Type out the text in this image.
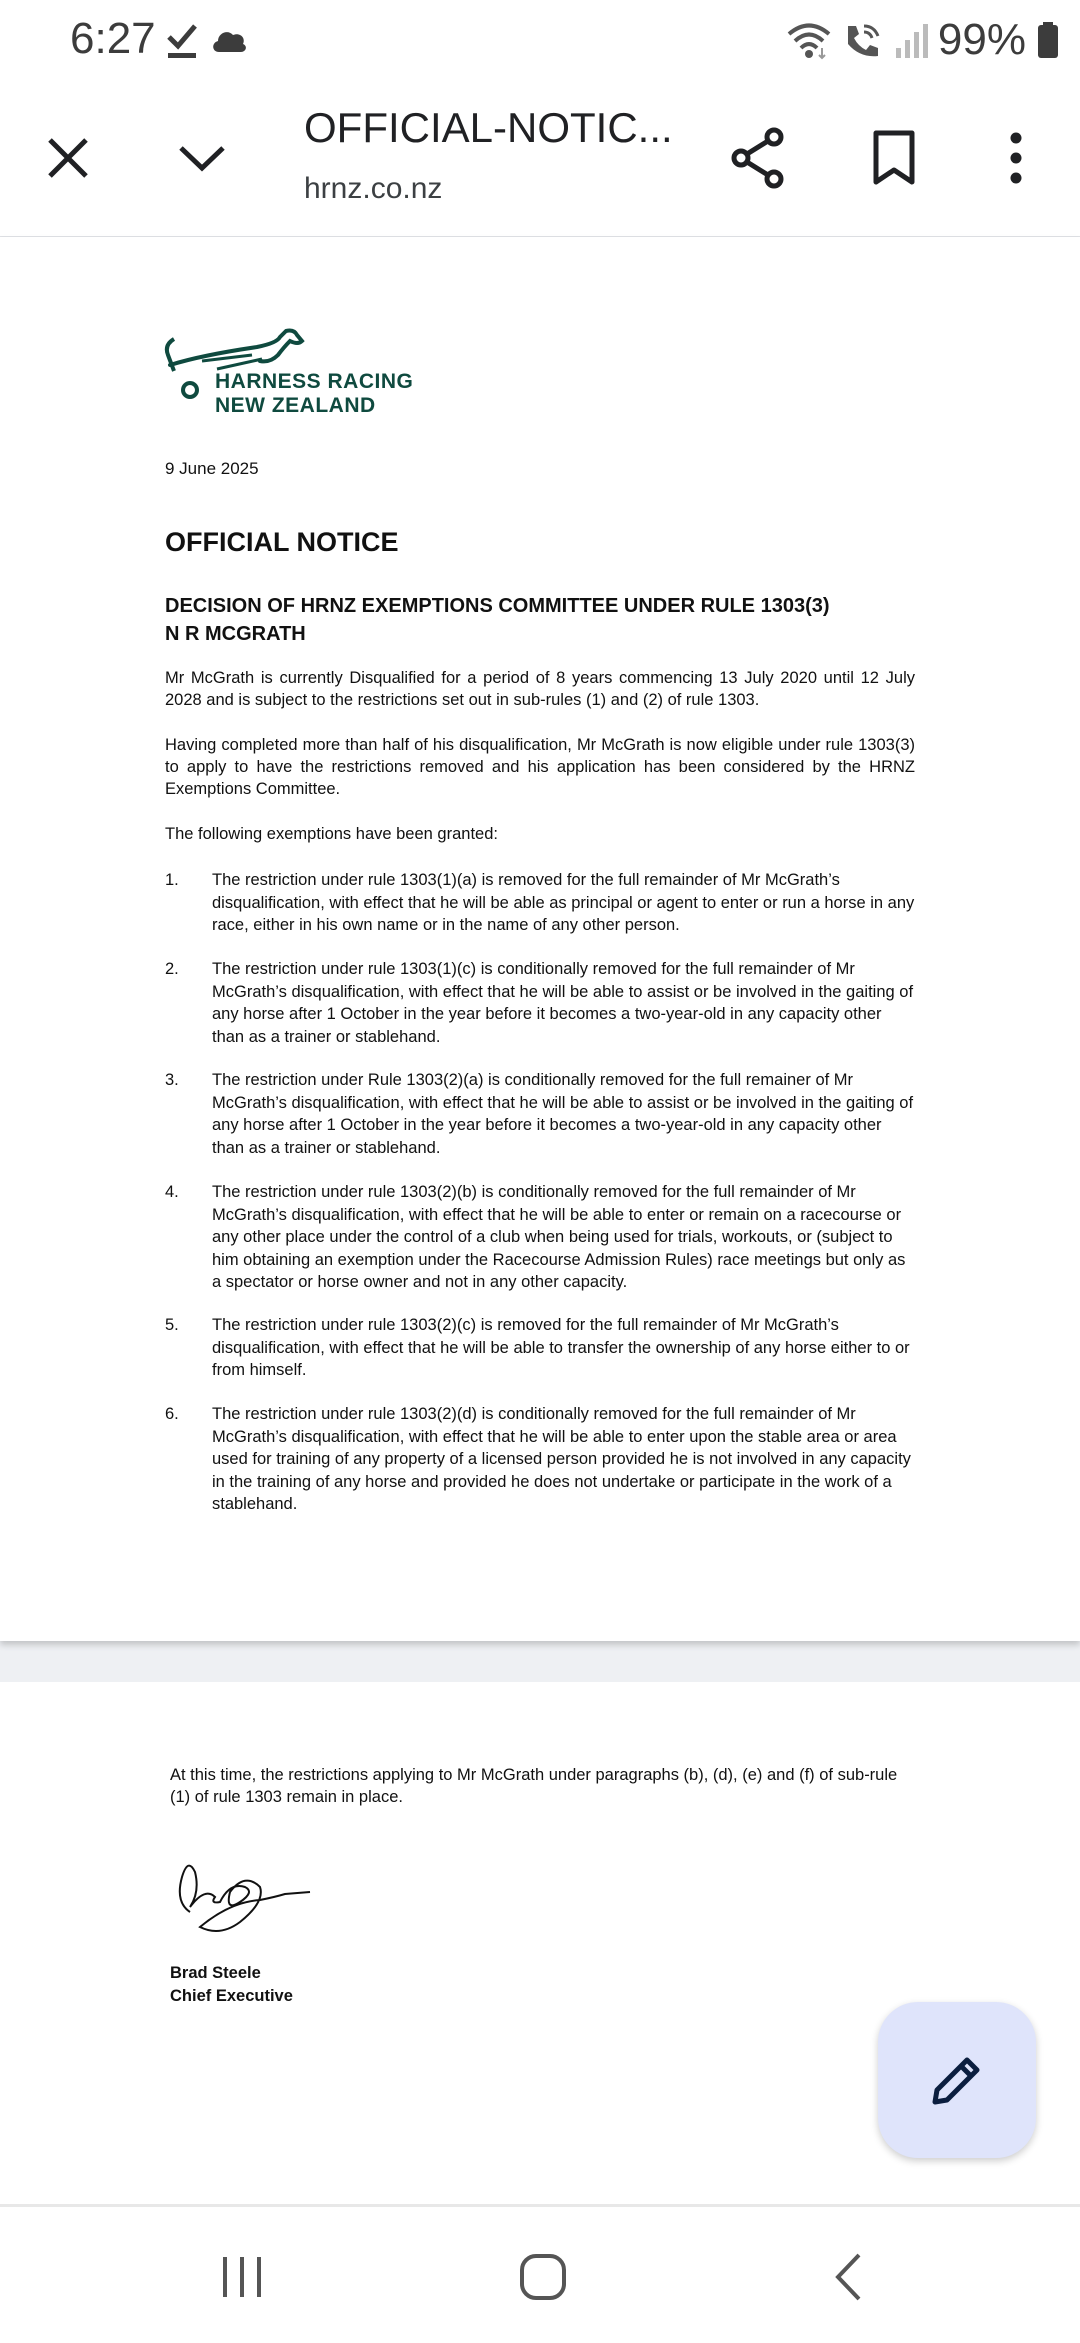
6:27	99%
OFFICIAL-NOTIC...
hrnz.co.nz
HARNESS RACING
NEW ZEALAND
9 June 2025
OFFICIAL NOTICE
DECISION OF HRNZ EXEMPTIONS COMMITTEE UNDER RULE 1303(3)
N R MCGRATH
Mr McGrath is currently Disqualified for a period of 8 years commencing 13 July 2020 until 12 July 2028 and is subject to the restrictions set out in sub-rules (1) and (2) of rule 1303.
Having completed more than half of his disqualification, Mr McGrath is now eligible under rule 1303(3) to apply to have the restrictions removed and his application has been considered by the HRNZ Exemptions Committee.
The following exemptions have been granted:
1. The restriction under rule 1303(1)(a) is removed for the full remainder of Mr McGrath’s disqualification, with effect that he will be able as principal or agent to enter or run a horse in any race, either in his own name or in the name of any other person.
2. The restriction under rule 1303(1)(c) is conditionally removed for the full remainder of Mr McGrath’s disqualification, with effect that he will be able to assist or be involved in the gaiting of any horse after 1 October in the year before it becomes a two-year-old in any capacity other than as a trainer or stablehand.
3. The restriction under Rule 1303(2)(a) is conditionally removed for the full remainer of Mr McGrath’s disqualification, with effect that he will be able to assist or be involved in the gaiting of any horse after 1 October in the year before it becomes a two-year-old in any capacity other than as a trainer or stablehand.
4. The restriction under rule 1303(2)(b) is conditionally removed for the full remainder of Mr McGrath’s disqualification, with effect that he will be able to enter or remain on a racecourse or any other place under the control of a club when being used for trials, workouts, or (subject to him obtaining an exemption under the Racecourse Admission Rules) race meetings but only as a spectator or horse owner and not in any other capacity.
5. The restriction under rule 1303(2)(c) is removed for the full remainder of Mr McGrath’s disqualification, with effect that he will be able to transfer the ownership of any horse either to or from himself.
6. The restriction under rule 1303(2)(d) is conditionally removed for the full remainder of Mr McGrath’s disqualification, with effect that he will be able to enter upon the stable area or area used for training of any property of a licensed person provided he is not involved in any capacity in the training of any horse and provided he does not undertake or participate in the work of a stablehand.
At this time, the restrictions applying to Mr McGrath under paragraphs (b), (d), (e) and (f) of sub-rule (1) of rule 1303 remain in place.
Brad Steele
Chief Executive
